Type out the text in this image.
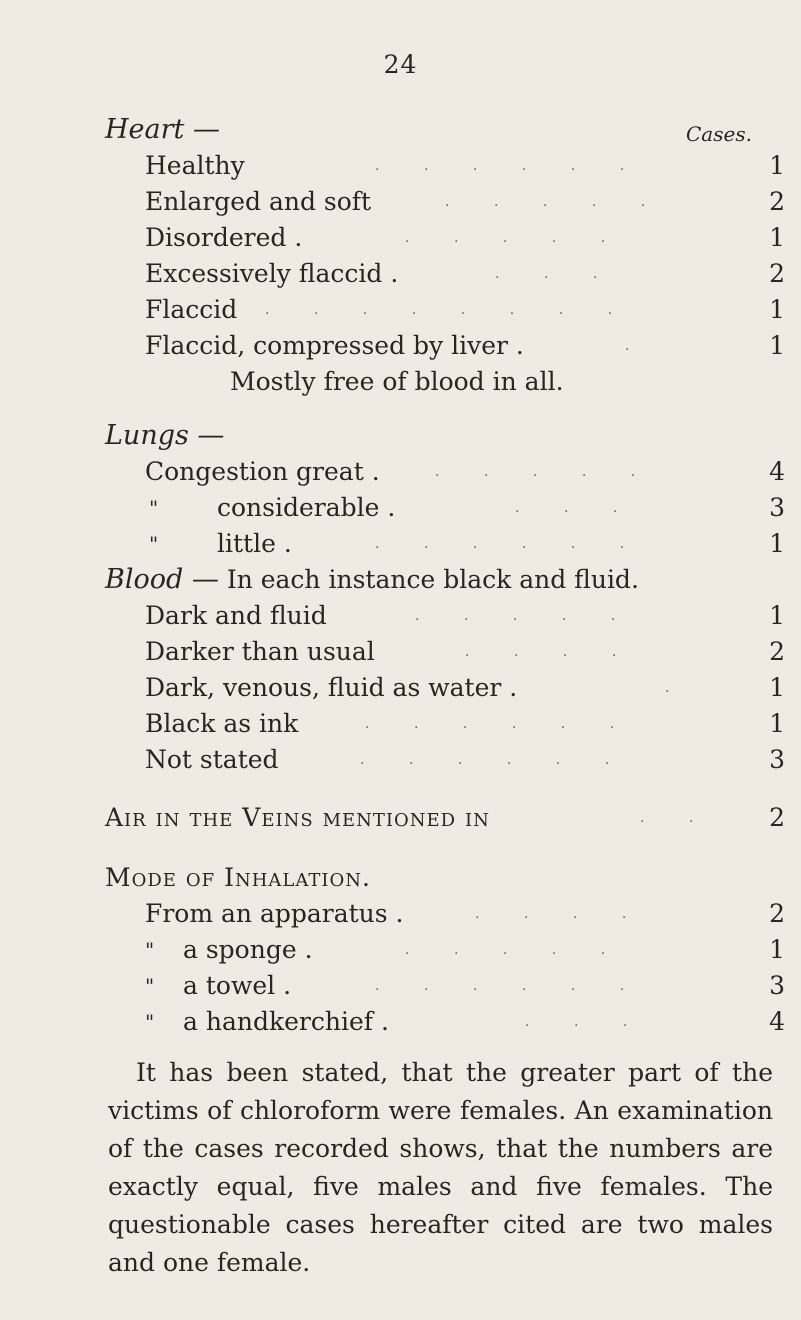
24
Heart —	Cases.
Healthy	.          .          .          .          .          .	1
Enlarged and soft	.          .          .          .          .	2
Disordered .	.          .          .          .          .	1
Excessively flaccid .	.          .          .	2
Flaccid .          .          .          .          .          .          .          .	1
Flaccid, compressed by liver .	.	1
Mostly free of blood in all.
Lungs —
Congestion great .	.          .          .          .          .	4
" considerable .	.          .          .	3
" little .	.          .          .          .          .          .	1
Blood — In each instance black and fluid.
Dark and fluid	.          .          .          .          .	1
Darker than usual	.          .          .          .	2
Dark, venous, fluid as water .	.	1
Black as ink	.          .          .          .          .          .	1
Not stated	.          .          .          .          .          .	3
Air in the Veins mentioned in	.          .	2
Mode of Inhalation.
From an apparatus .	.          .          .          .	2
" a sponge .	.          .          .          .          .	1
" a towel .	.          .          .          .          .          .	3
" a handkerchief .	.          .          .	4

It has been stated, that the greater part of the victims of chloroform were females. An examination of the cases recorded shows, that the numbers are exactly equal, five males and five females. The questionable cases hereafter cited are two males and one female.
